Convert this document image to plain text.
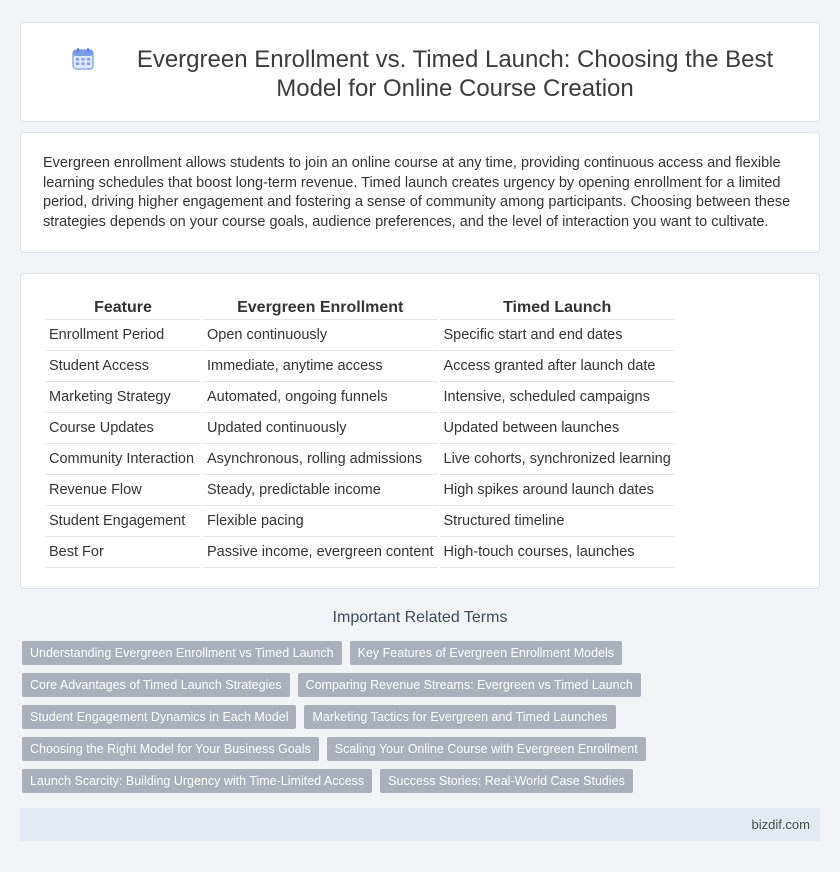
Evergreen Enrollment vs. Timed Launch: Choosing the Best Model for Online Course Creation

Evergreen enrollment allows students to join an online course at any time, providing continuous access and flexible learning schedules that boost long-term revenue. Timed launch creates urgency by opening enrollment for a limited period, driving higher engagement and fostering a sense of community among participants. Choosing between these strategies depends on your course goals, audience preferences, and the level of interaction you want to cultivate.

Feature	Evergreen Enrollment	Timed Launch
Enrollment Period	Open continuously	Specific start and end dates
Student Access	Immediate, anytime access	Access granted after launch date
Marketing Strategy	Automated, ongoing funnels	Intensive, scheduled campaigns
Course Updates	Updated continuously	Updated between launches
Community Interaction	Asynchronous, rolling admissions	Live cohorts, synchronized learning
Revenue Flow	Steady, predictable income	High spikes around launch dates
Student Engagement	Flexible pacing	Structured timeline
Best For	Passive income, evergreen content	High-touch courses, launches
Important Related Terms
Understanding Evergreen Enrollment vs Timed Launch	Key Features of Evergreen Enrollment Models
Core Advantages of Timed Launch Strategies	Comparing Revenue Streams: Evergreen vs Timed Launch
Student Engagement Dynamics in Each Model	Marketing Tactics for Evergreen and Timed Launches
Choosing the Right Model for Your Business Goals	Scaling Your Online Course with Evergreen Enrollment
Launch Scarcity: Building Urgency with Time-Limited Access	Success Stories: Real-World Case Studies
bizdif.com
